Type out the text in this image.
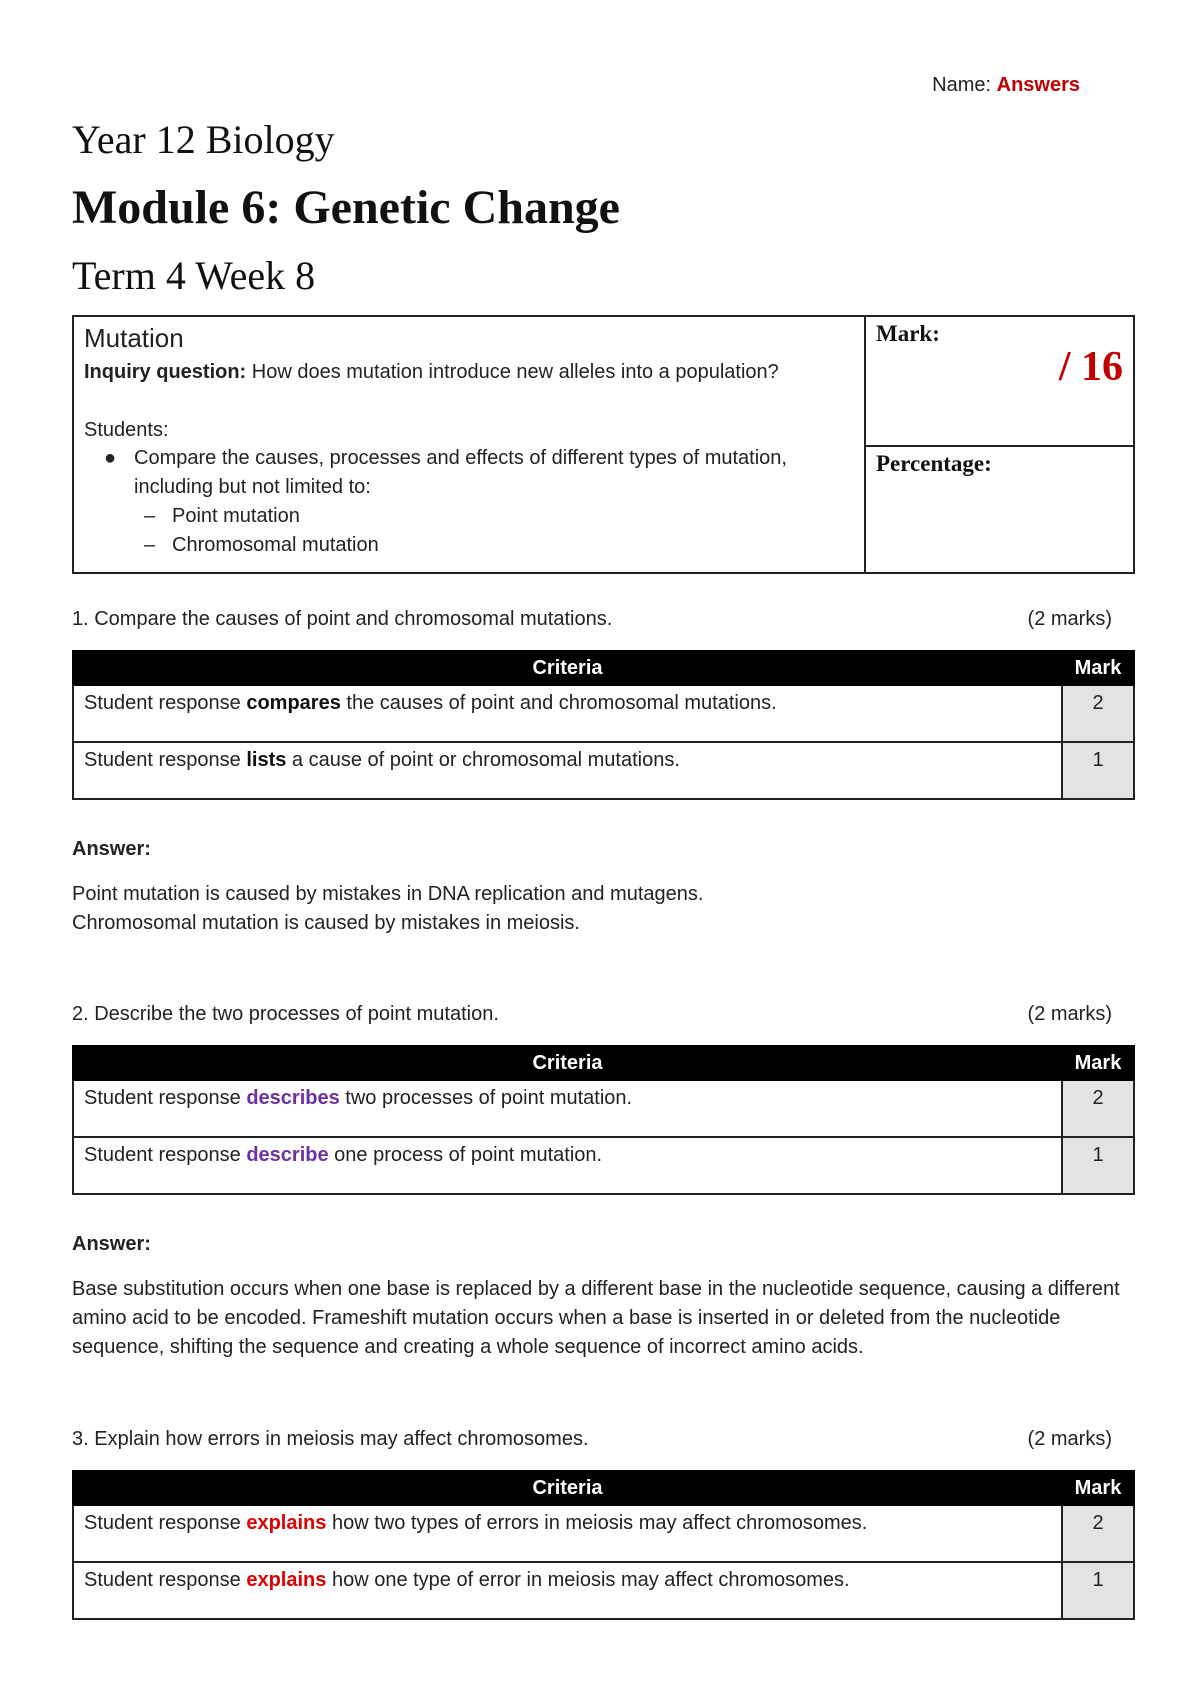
Name: Answers
Year 12 Biology
Module 6: Genetic Change
Term 4 Week 8
Mutation
Inquiry question: How does mutation introduce new alleles into a population?
Students:
● Compare the causes, processes and effects of different types of mutation, including but not limited to:
– Point mutation
– Chromosomal mutation
Mark:
/ 16
Percentage:
1. Compare the causes of point and chromosomal mutations.	(2 marks)
Criteria	Mark
Student response compares the causes of point and chromosomal mutations.	2
Student response lists a cause of point or chromosomal mutations.	1
Answer:
Point mutation is caused by mistakes in DNA replication and mutagens.
Chromosomal mutation is caused by mistakes in meiosis.
2. Describe the two processes of point mutation.	(2 marks)
Criteria	Mark
Student response describes two processes of point mutation.	2
Student response describe one process of point mutation.	1
Answer:
Base substitution occurs when one base is replaced by a different base in the nucleotide sequence, causing a different amino acid to be encoded. Frameshift mutation occurs when a base is inserted in or deleted from the nucleotide sequence, shifting the sequence and creating a whole sequence of incorrect amino acids.
3. Explain how errors in meiosis may affect chromosomes.	(2 marks)
Criteria	Mark
Student response explains how two types of errors in meiosis may affect chromosomes.	2
Student response explains how one type of error in meiosis may affect chromosomes.	1
